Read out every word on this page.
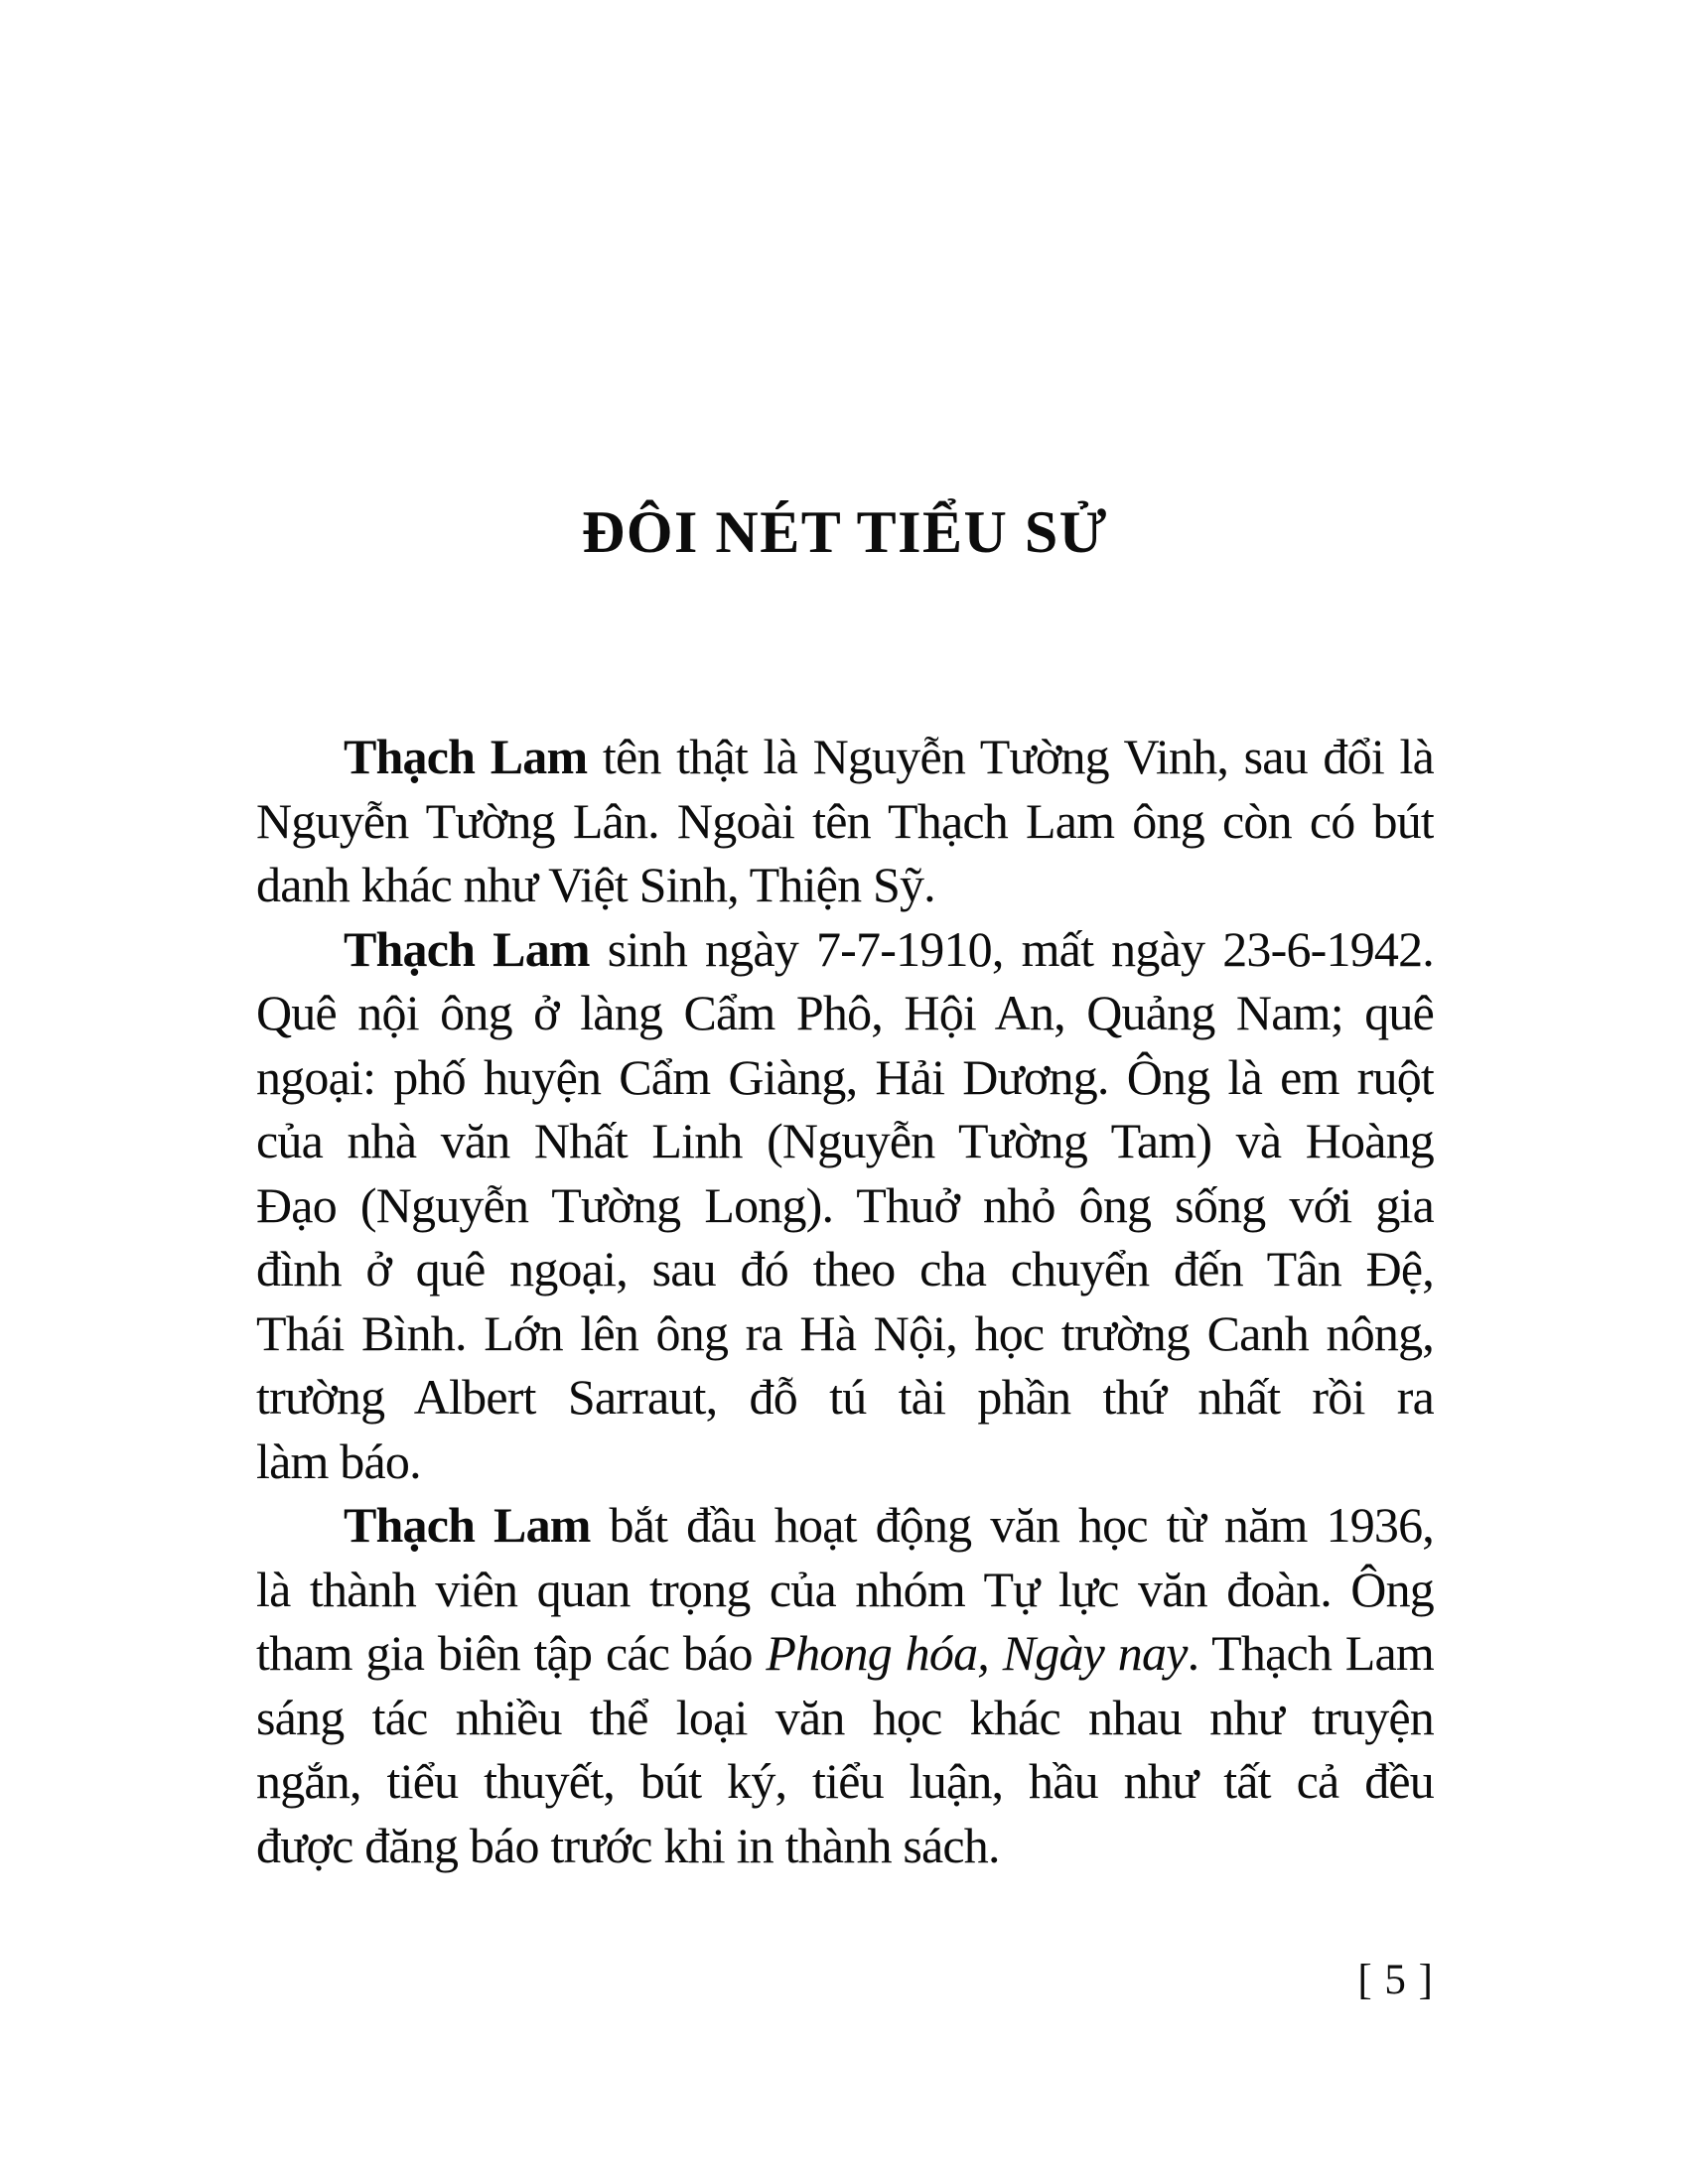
ĐÔI NÉT TIỂU SỬ
Thạch Lam tên thật là Nguyễn Tường Vinh, sau đổi là
Nguyễn Tường Lân. Ngoài tên Thạch Lam ông còn có bút
danh khác như Việt Sinh, Thiện Sỹ.
Thạch Lam sinh ngày 7-7-1910, mất ngày 23-6-1942.
Quê nội ông ở làng Cẩm Phô, Hội An, Quảng Nam; quê
ngoại: phố huyện Cẩm Giàng, Hải Dương. Ông là em ruột
của nhà văn Nhất Linh (Nguyễn Tường Tam) và Hoàng
Đạo (Nguyễn Tường Long). Thuở nhỏ ông sống với gia
đình ở quê ngoại, sau đó theo cha chuyển đến Tân Đệ,
Thái Bình. Lớn lên ông ra Hà Nội, học trường Canh nông,
trường Albert Sarraut, đỗ tú tài phần thứ nhất rồi ra
làm báo.
Thạch Lam bắt đầu hoạt động văn học từ năm 1936,
là thành viên quan trọng của nhóm Tự lực văn đoàn. Ông
tham gia biên tập các báo Phong hóa, Ngày nay. Thạch Lam
sáng tác nhiều thể loại văn học khác nhau như truyện
ngắn, tiểu thuyết, bút ký, tiểu luận, hầu như tất cả đều
được đăng báo trước khi in thành sách.
[ 5 ]
